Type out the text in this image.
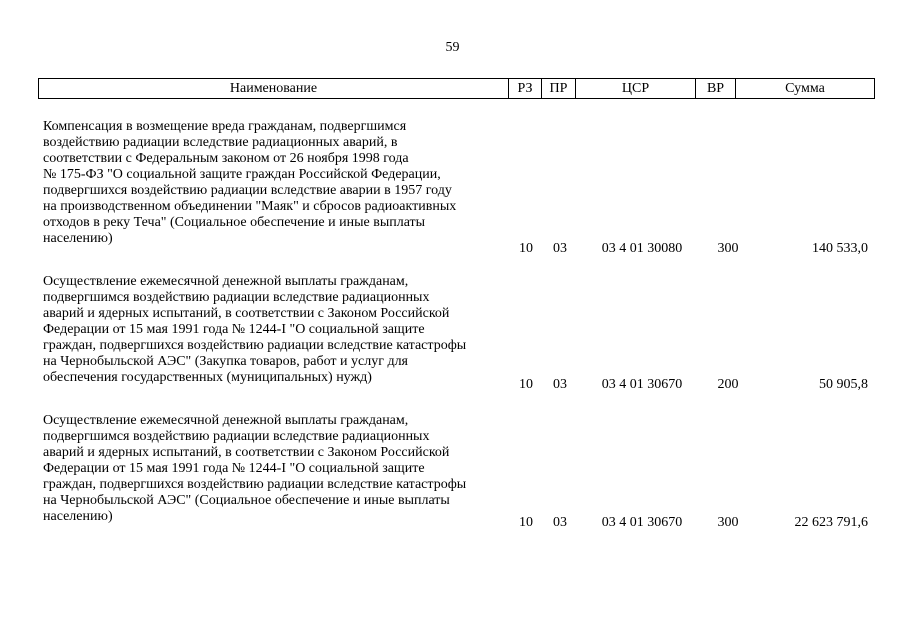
59
Наименование	РЗ	ПР	ЦСР	ВР	Сумма
Компенсация в возмещение вреда гражданам, подвергшимся
воздействию радиации вследствие радиационных аварий, в
соответствии с Федеральным законом от 26 ноября 1998 года
№ 175-ФЗ "О социальной защите граждан Российской Федерации,
подвергшихся воздействию радиации вследствие аварии в 1957 году
на производственном объединении "Маяк" и сбросов радиоактивных
отходов в реку Теча" (Социальное обеспечение и иные выплаты
населению)
10	03	03 4 01 30080	300	140 533,0
Осуществление ежемесячной денежной выплаты гражданам,
подвергшимся воздействию радиации вследствие радиационных
аварий и ядерных испытаний, в соответствии с Законом Российской
Федерации от 15 мая 1991 года № 1244-I "О социальной защите
граждан, подвергшихся воздействию радиации вследствие катастрофы
на Чернобыльской АЭС" (Закупка товаров, работ и услуг для
обеспечения государственных (муниципальных) нужд)	10	03	03 4 01 30670	200	50 905,8
Осуществление ежемесячной денежной выплаты гражданам,
подвергшимся воздействию радиации вследствие радиационных
аварий и ядерных испытаний, в соответствии с Законом Российской
Федерации от 15 мая 1991 года № 1244-I "О социальной защите
граждан, подвергшихся воздействию радиации вследствие катастрофы
на Чернобыльской АЭС" (Социальное обеспечение и иные выплаты
населению)	10	03	03 4 01 30670	300	22 623 791,6
